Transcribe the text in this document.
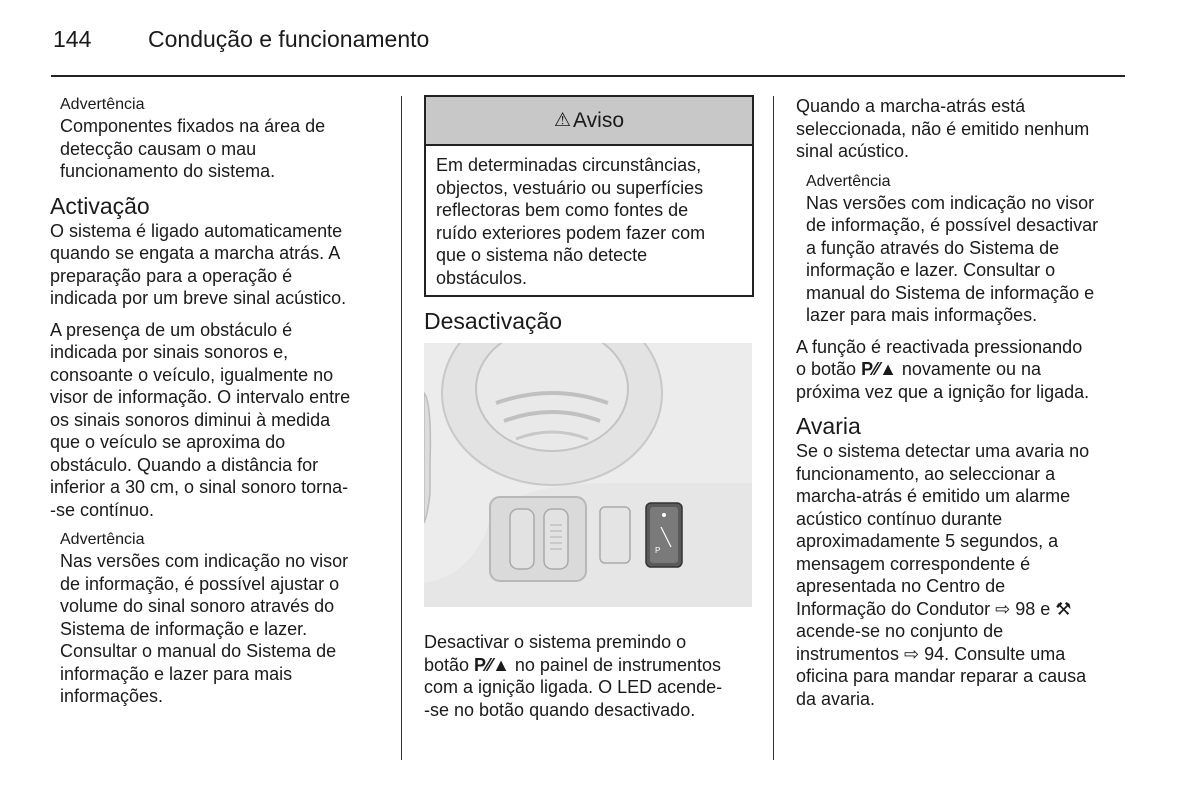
144 Condução e funcionamento
Advertência
Componentes fixados na área de
detecção causam o mau
funcionamento do sistema.
Activação
O sistema é ligado automaticamente
quando se engata a marcha atrás. A
preparação para a operação é
indicada por um breve sinal acústico.
A presença de um obstáculo é
indicada por sinais sonoros e,
consoante o veículo, igualmente no
visor de informação. O intervalo entre
os sinais sonoros diminui à medida
que o veículo se aproxima do
obstáculo. Quando a distância for
inferior a 30 cm, o sinal sonoro torna-
-se contínuo.
Advertência
Nas versões com indicação no visor
de informação, é possível ajustar o
volume do sinal sonoro através do
Sistema de informação e lazer.
Consultar o manual do Sistema de
informação e lazer para mais
informações.
⚠ Aviso
Em determinadas circunstâncias,
objectos, vestuário ou superfícies
reflectoras bem como fontes de
ruído exteriores podem fazer com
que o sistema não detecte
obstáculos.
Desactivação
P
Desactivar o sistema premindo o
botão P⁄⁄▲ no painel de instrumentos
com a ignição ligada. O LED acende-
-se no botão quando desactivado.
Quando a marcha-atrás está
seleccionada, não é emitido nenhum
sinal acústico.
Advertência
Nas versões com indicação no visor
de informação, é possível desactivar
a função através do Sistema de
informação e lazer. Consultar o
manual do Sistema de informação e
lazer para mais informações.
A função é reactivada pressionando
o botão P⁄⁄▲ novamente ou na
próxima vez que a ignição for ligada.
Avaria
Se o sistema detectar uma avaria no
funcionamento, ao seleccionar a
marcha-atrás é emitido um alarme
acústico contínuo durante
aproximadamente 5 segundos, a
mensagem correspondente é
apresentada no Centro de
Informação do Condutor ⇨ 98 e ⚒
acende-se no conjunto de
instrumentos ⇨ 94. Consulte uma
oficina para mandar reparar a causa
da avaria.
